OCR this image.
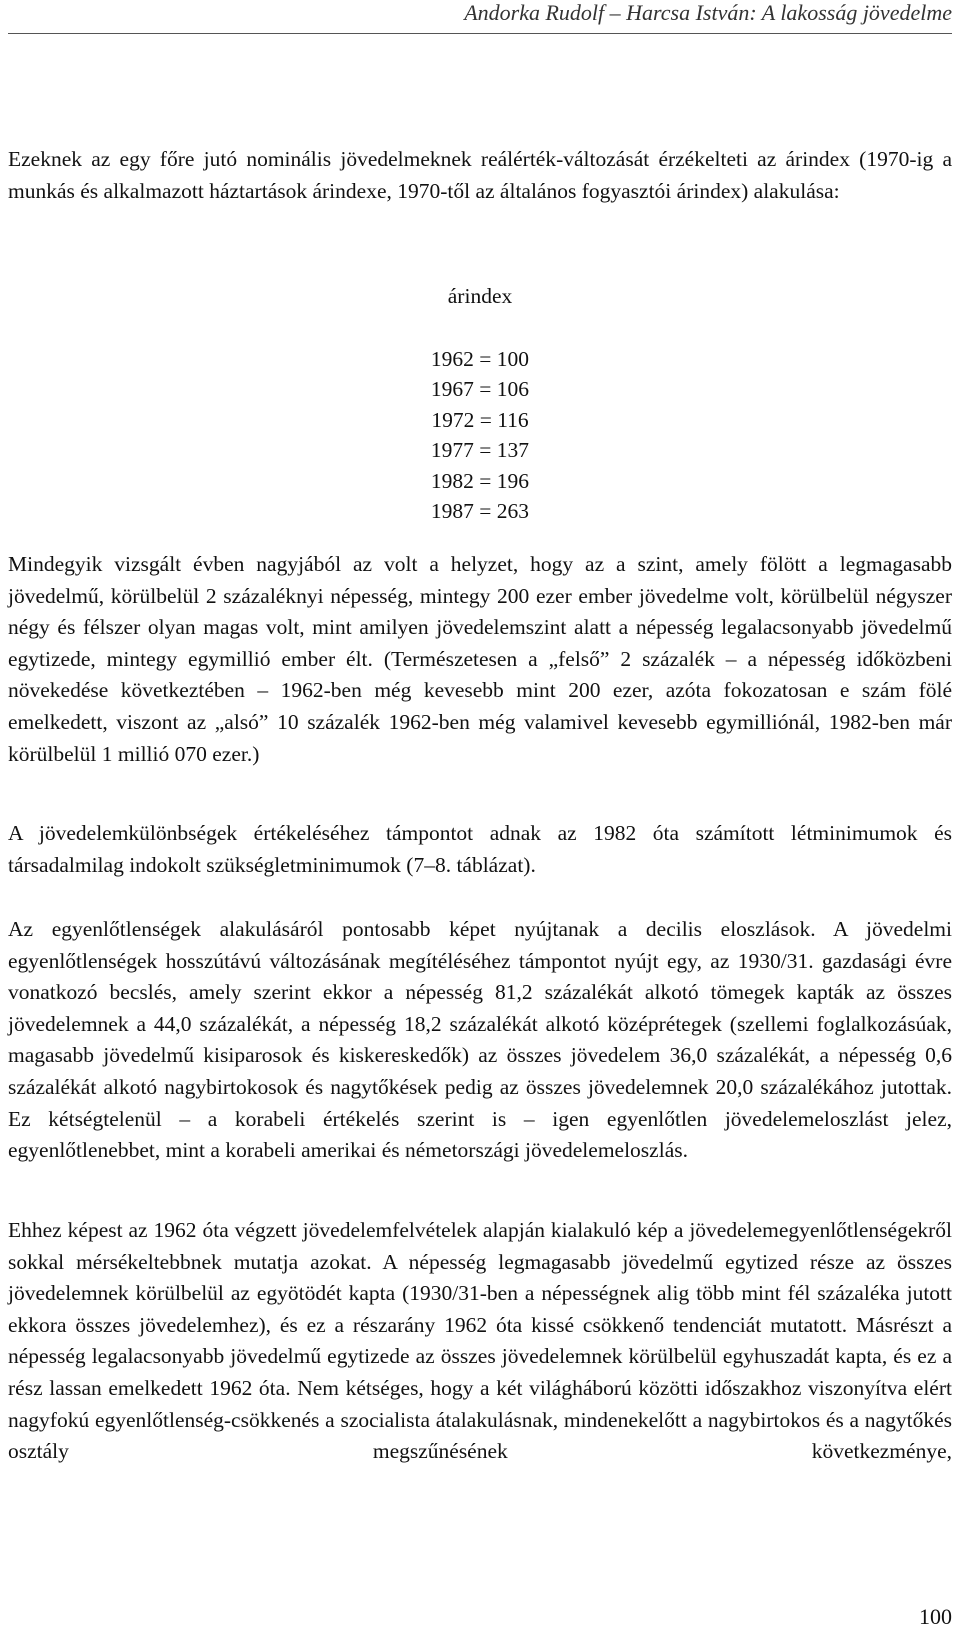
Andorka Rudolf – Harcsa István: A lakosság jövedelme

Ezeknek az egy főre jutó nominális jövedelmeknek reálérték-változását érzékelteti az árindex (1970-ig a munkás és alkalmazott háztartások árindexe, 1970-től az általános fogyasztói árindex) alakulása:

árindex
1962 = 100
1967 = 106
1972 = 116
1977 = 137
1982 = 196
1987 = 263

Mindegyik vizsgált évben nagyjából az volt a helyzet, hogy az a szint, amely fölött a legmagasabb jövedelmű, körülbelül 2 százaléknyi népesség, mintegy 200 ezer ember jövedelme volt, körülbelül négyszer négy és félszer olyan magas volt, mint amilyen jövedelemszint alatt a népesség legalacsonyabb jövedelmű egytizede, mintegy egymillió ember élt. (Természetesen a „felső” 2 százalék – a népesség időközbeni növekedése következtében – 1962-ben még kevesebb mint 200 ezer, azóta fokozatosan e szám fölé emelkedett, viszont az „alsó” 10 százalék 1962-ben még valamivel kevesebb egymilliónál, 1982-ben már körülbelül 1 millió 070 ezer.)

A jövedelemkülönbségek értékeléséhez támpontot adnak az 1982 óta számított létminimumok és társadalmilag indokolt szükségletminimumok (7–8. táblázat).

Az egyenlőtlenségek alakulásáról pontosabb képet nyújtanak a decilis eloszlások. A jövedelmi egyenlőtlenségek hosszútávú változásának megítéléséhez támpontot nyújt egy, az 1930/31. gazdasági évre vonatkozó becslés, amely szerint ekkor a népesség 81,2 százalékát alkotó tömegek kapták az összes jövedelemnek a 44,0 százalékát, a népesség 18,2 százalékát alkotó középrétegek (szellemi foglalkozásúak, magasabb jövedelmű kisiparosok és kiskereskedők) az összes jövedelem 36,0 százalékát, a népesség 0,6 százalékát alkotó nagybirtokosok és nagytőkések pedig az összes jövedelemnek 20,0 százalékához jutottak. Ez kétségtelenül – a korabeli értékelés szerint is – igen egyenlőtlen jövedelemeloszlást jelez, egyenlőtlenebbet, mint a korabeli amerikai és németországi jövedelemeloszlás.

Ehhez képest az 1962 óta végzett jövedelemfelvételek alapján kialakuló kép a jövedelemegyenlőtlenségekről sokkal mérsékeltebbnek mutatja azokat. A népesség legmagasabb jövedelmű egytized része az összes jövedelemnek körülbelül az egyötödét kapta (1930/31-ben a népességnek alig több mint fél százaléka jutott ekkora összes jövedelemhez), és ez a részarány 1962 óta kissé csökkenő tendenciát mutatott. Másrészt a népesség legalacsonyabb jövedelmű egytizede az összes jövedelemnek körülbelül egyhuszadát kapta, és ez a rész lassan emelkedett 1962 óta. Nem kétséges, hogy a két világháború közötti időszakhoz viszonyítva elért nagyfokú egyenlőtlenség-csökkenés a szocialista átalakulásnak, mindenekelőtt a nagybirtokos és a nagytőkés osztály megszűnésének következménye,

100
